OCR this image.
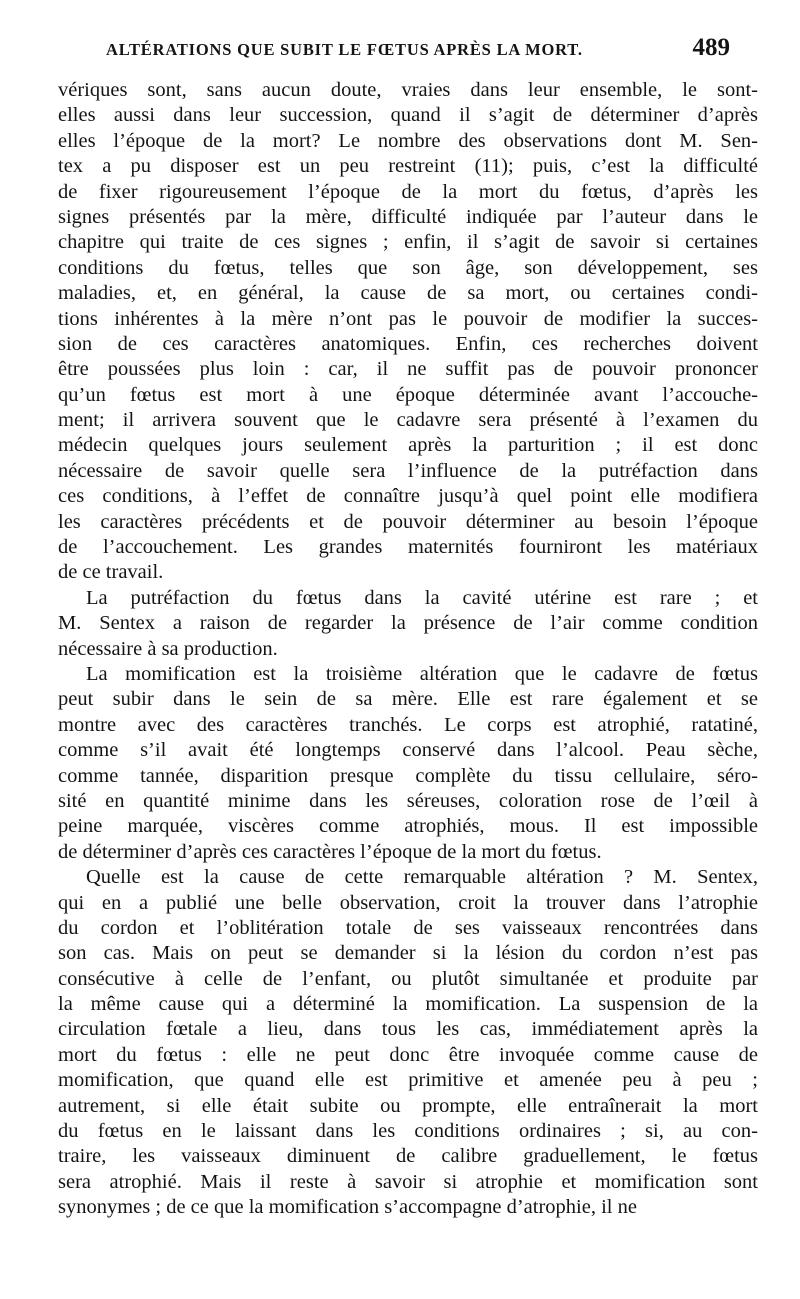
ALTÉRATIONS QUE SUBIT LE FŒTUS APRÈS LA MORT.	489
vériques sont, sans aucun doute, vraies dans leur ensemble, le sont-
elles aussi dans leur succession, quand il s’agit de déterminer d’après
elles l’époque de la mort? Le nombre des observations dont M. Sen-
tex a pu disposer est un peu restreint (11); puis, c’est la difficulté
de fixer rigoureusement l’époque de la mort du fœtus, d’après les
signes présentés par la mère, difficulté indiquée par l’auteur dans le
chapitre qui traite de ces signes ; enfin, il s’agit de savoir si certaines
conditions du fœtus, telles que son âge, son développement, ses
maladies, et, en général, la cause de sa mort, ou certaines condi-
tions inhérentes à la mère n’ont pas le pouvoir de modifier la succes-
sion de ces caractères anatomiques. Enfin, ces recherches doivent
être poussées plus loin : car, il ne suffit pas de pouvoir prononcer
qu’un fœtus est mort à une époque déterminée avant l’accouche-
ment; il arrivera souvent que le cadavre sera présenté à l’examen du
médecin quelques jours seulement après la parturition ; il est donc
nécessaire de savoir quelle sera l’influence de la putréfaction dans
ces conditions, à l’effet de connaître jusqu’à quel point elle modifiera
les caractères précédents et de pouvoir déterminer au besoin l’époque
de l’accouchement. Les grandes maternités fourniront les matériaux
de ce travail.
La putréfaction du fœtus dans la cavité utérine est rare ; et
M. Sentex a raison de regarder la présence de l’air comme condition
nécessaire à sa production.
La momification est la troisième altération que le cadavre de fœtus
peut subir dans le sein de sa mère. Elle est rare également et se
montre avec des caractères tranchés. Le corps est atrophié, ratatiné,
comme s’il avait été longtemps conservé dans l’alcool. Peau sèche,
comme tannée, disparition presque complète du tissu cellulaire, séro-
sité en quantité minime dans les séreuses, coloration rose de l’œil à
peine marquée, viscères comme atrophiés, mous. Il est impossible
de déterminer d’après ces caractères l’époque de la mort du fœtus.
Quelle est la cause de cette remarquable altération ? M. Sentex,
qui en a publié une belle observation, croit la trouver dans l’atrophie
du cordon et l’oblitération totale de ses vaisseaux rencontrées dans
son cas. Mais on peut se demander si la lésion du cordon n’est pas
consécutive à celle de l’enfant, ou plutôt simultanée et produite par
la même cause qui a déterminé la momification. La suspension de la
circulation fœtale a lieu, dans tous les cas, immédiatement après la
mort du fœtus : elle ne peut donc être invoquée comme cause de
momification, que quand elle est primitive et amenée peu à peu ;
autrement, si elle était subite ou prompte, elle entraînerait la mort
du fœtus en le laissant dans les conditions ordinaires ; si, au con-
traire, les vaisseaux diminuent de calibre graduellement, le fœtus
sera atrophié. Mais il reste à savoir si atrophie et momification sont
synonymes ; de ce que la momification s’accompagne d’atrophie, il ne
